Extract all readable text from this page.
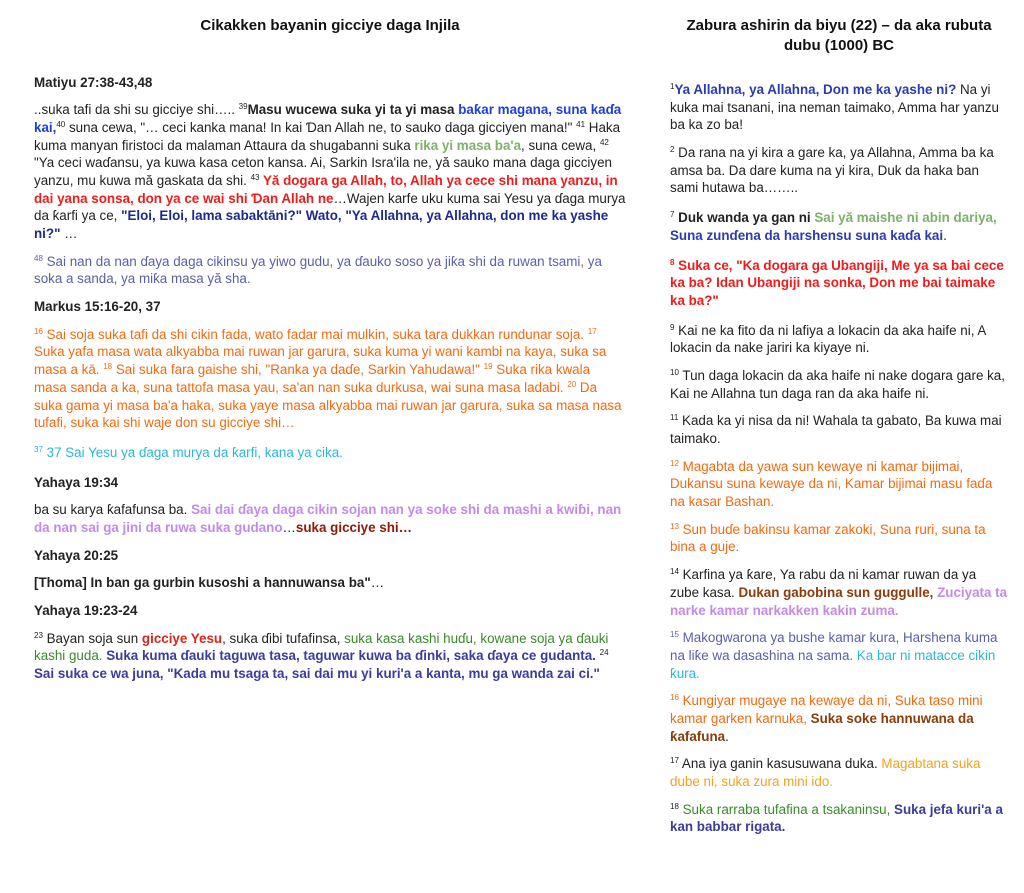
Cikakken bayanin gicciye daga Injila

Matiyu 27:38-43,48

..suka tafi da shi su gicciye shi….. $^{39}$Masu wucewa suka yi ta yi masa baƙar magana, suna kaɗa kai,$^{40}$ suna cewa, "… ceci kanka mana! In kai Ɗan Allah ne, to sauko daga gicciyen mana!" $^{41}$ Haka kuma manyan firistoci da malaman Attaura da shugabanni suka rika yi masa ba'a, suna cewa, $^{42}$ "Ya ceci waɗansu, ya kuwa kasa ceton kansa. Ai, Sarkin Isra'ila ne, yă sauko mana daga gicciyen yanzu, mu kuwa mă gaskata da shi. $^{43}$ Yă dogara ga Allah, to, Allah ya cece shi mana yanzu, in dai yana sonsa, don ya ce wai shi Ɗan Allah ne…Wajen karfe uku kuma sai Yesu ya ɗaga murya da ƙarfi ya ce, "Eloi, Eloi, lama sabaktāni?" Wato, "Ya Allahna, ya Allahna, don me ka yashe ni?" …

$^{48}$ Sai nan da nan ɗaya daga cikinsu ya yiwo gudu, ya ɗauko soso ya jiƙa shi da ruwan tsami, ya soka a sanda, ya miƙa masa yă sha.

Markus 15:16-20, 37

$^{16}$ Sai soja suka tafi da shi cikin fada, wato fadar mai mulkin, suka tara dukkan rundunar soja. $^{17}$ Suka yafa masa wata alkyabba mai ruwan jar garura, suka kuma yi wani kambi na kaya, suka sa masa a kā. $^{18}$ Sai suka fara gaishe shi, "Ranka ya daɗe, Sarkin Yahudawa!" $^{19}$ Suka rika kwala masa sanda a ka, suna tattofa masa yau, sa'an nan suka durkusa, wai suna masa ladabi. $^{20}$ Da suka gama yi masa ba'a haka, suka yaye masa alkyabba mai ruwan jar garura, suka sa masa nasa tufafi, suka kai shi waje don su gicciye shi…

$^{37}$ 37 Sai Yesu ya ɗaga murya da ƙarfi, kana ya cika.

Yahaya 19:34

ba su karya ƙafafunsa ba. Sai dai ɗaya daga cikin sojan nan ya soke shi da mashi a kwiɓi, nan da nan sai ga jini da ruwa suka gudano…suka gicciye shi…

Yahaya 20:25

[Thoma] In ban ga gurbin kusoshi a hannuwansa ba"…

Yahaya 19:23-24

$^{23}$ Bayan soja sun gicciye Yesu, suka ɗibi tufafinsa, suka kasa kashi huɗu, kowane soja ya ɗauki kashi guda. Suka kuma ɗauki taguwa tasa, taguwar kuwa ba ɗinki, saka ɗaya ce gudanta. $^{24}$ Sai suka ce wa juna, "Kada mu tsaga ta, sai dai mu yi kuri'a a kanta, mu ga wanda zai ci."

Zabura ashirin da biyu (22) – da aka rubuta dubu (1000) BC

$^1$Ya Allahna, ya Allahna, Don me ka yashe ni? Na yi kuka mai tsanani, ina neman taimako, Amma har yanzu ba ka zo ba!

$^2$ Da rana na yi kira a gare ka, ya Allahna, Amma ba ka amsa ba. Da dare kuma na yi kira, Duk da haka ban sami hutawa ba……..

$^7$ Duk wanda ya gan ni Sai yă maishe ni abin dariya, Suna zunɗena da harshensu suna kaɗa kai.

$^8$ Suka ce, "Ka dogara ga Ubangiji, Me ya sa bai cece ka ba? Idan Ubangiji na sonka, Don me bai taimake ka ba?"

$^9$ Kai ne ka fito da ni lafiya a lokacin da aka haife ni, A lokacin da nake jariri ka kiyaye ni.

$^{10}$ Tun daga lokacin da aka haife ni nake dogara gare ka, Kai ne Allahna tun daga ran da aka haife ni.

$^{11}$ Kada ka yi nisa da ni! Wahala ta gabato, Ba kuwa mai taimako.

$^{12}$ Magabta da yawa sun kewaye ni kamar bijimai, Dukansu suna kewaye da ni, Kamar bijimai masu faɗa na kasar Bashan.

$^{13}$ Sun buɗe bakinsu kamar zakoki, Suna ruri, suna ta bina a guje.

$^{14}$ Karfina ya ƙare, Ya rabu da ni kamar ruwan da ya zube kasa. Dukan gabobina sun guggulle, Zuciyata ta narke kamar narkakken kakin zuma.

$^{15}$ Makogwarona ya bushe kamar kura, Harshena kuma na liƙe wa dasashina na sama. Ka bar ni matacce cikin ƙura.

$^{16}$ Kungiyar mugaye na kewaye da ni, Suka taso mini kamar garken karnuka, Suka soke hannuwana da ƙafafuna.

$^{17}$ Ana iya ganin kasusuwana duka. Magabtana suka dube ni, suka zura mini ido.

$^{18}$ Suka rarraba tufafina a tsakaninsu, Suka jefa kuri'a a kan babbar rigata.
